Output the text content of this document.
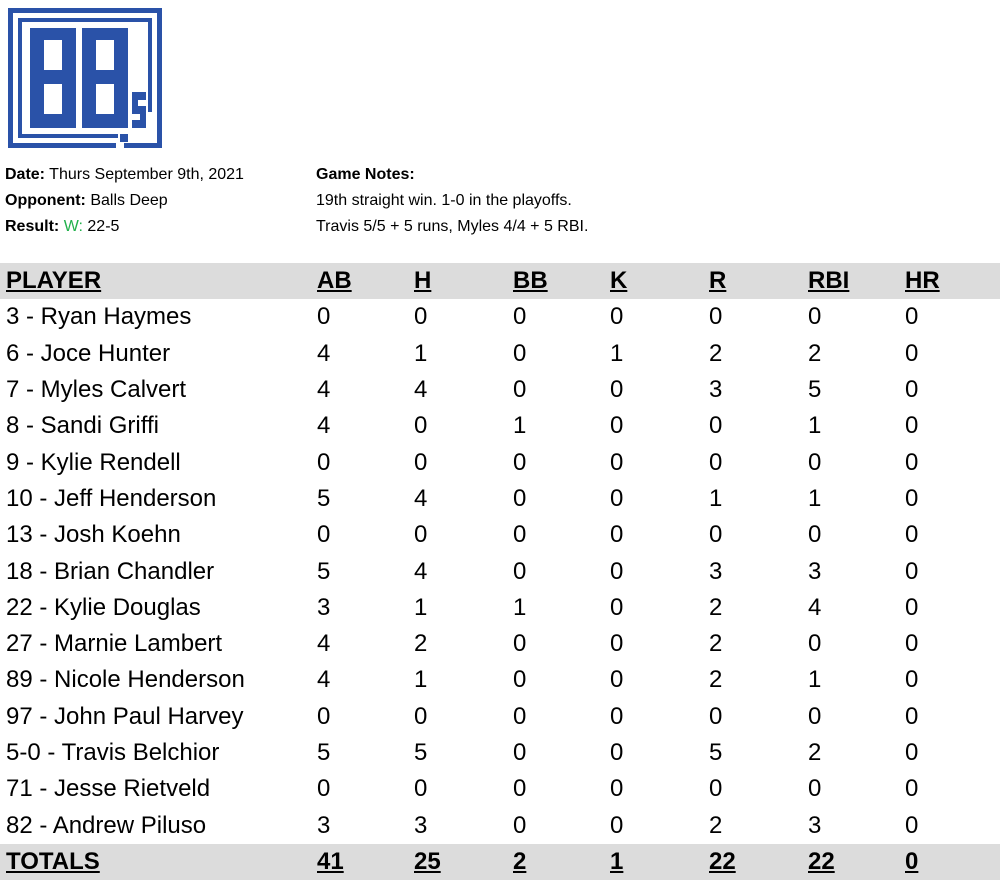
Date: Thurs September 9th, 2021
Opponent: Balls Deep
Result: W: 22-5
Game Notes:
19th straight win. 1-0 in the playoffs.
Travis 5/5 + 5 runs, Myles 4/4 + 5 RBI.
PLAYER	AB	H	BB	K	R	RBI HR
3 - Ryan Haymes	0	0	0	0	0	0	0
6 - Joce Hunter	4	1	0	1	2	2	0
7 - Myles Calvert	4	4	0	0	3	5	0
8 - Sandi Griffi	4	0	1	0	0	1	0
9 - Kylie Rendell	0	0	0	0	0	0	0
10 - Jeff Henderson	5	4	0	0	1	1	0
13 - Josh Koehn	0	0	0	0	0	0	0
18 - Brian Chandler	5	4	0	0	3	3	0
22 - Kylie Douglas	3	1	1	0	2	4	0
27 - Marnie Lambert	4	2	0	0	2	0	0
89 - Nicole Henderson	4	1	0	0	2	1	0
97 - John Paul Harvey	0	0	0	0	0	0	0
5-0 - Travis Belchior	5	5	0	0	5	2	0
71 - Jesse Rietveld	0	0	0	0	0	0	0
82 - Andrew Piluso	3	3	0	0	2	3	0
TOTALS	41	25	2	1	22	22	0
